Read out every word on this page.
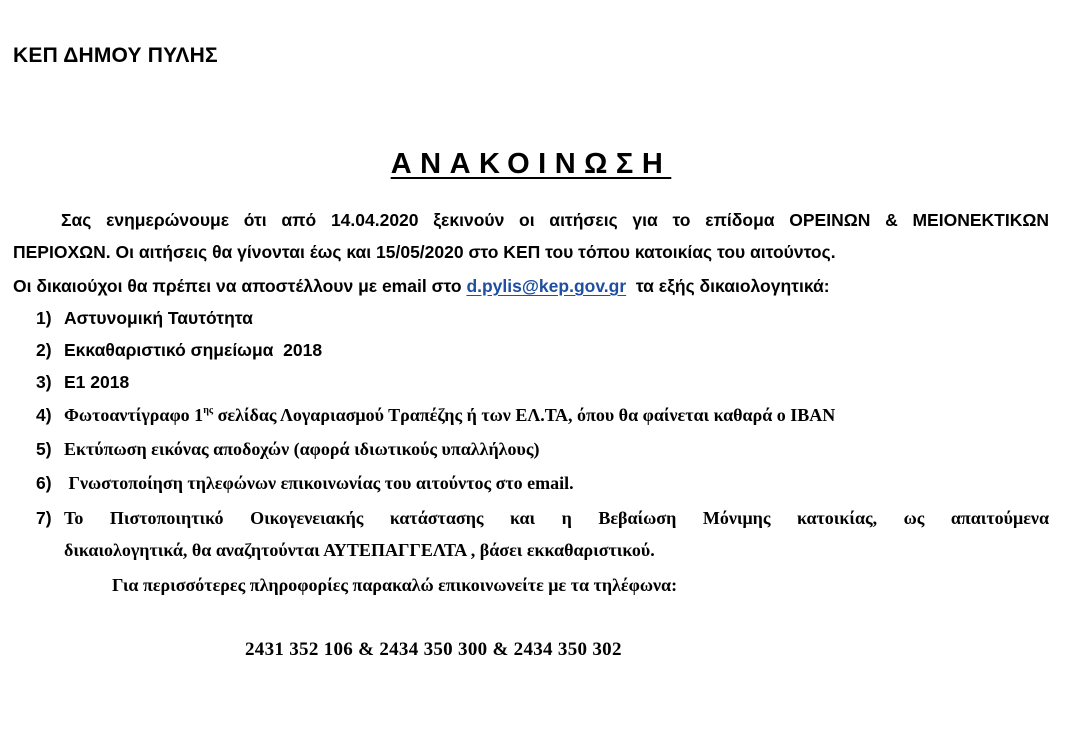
ΚΕΠ ΔΗΜΟΥ ΠΥΛΗΣ
ΑΝΑΚΟΙΝΩΣΗ
Σας ενημερώνουμε ότι από 14.04.2020 ξεκινούν οι αιτήσεις για το επίδομα ΟΡΕΙΝΩΝ & ΜΕΙΟΝΕΚΤΙΚΩΝ
ΠΕΡΙΟΧΩΝ. Οι αιτήσεις θα γίνονται έως και 15/05/2020 στο ΚΕΠ του τόπου κατοικίας του αιτούντος.
Οι δικαιούχοι θα πρέπει να αποστέλλουν με email στο d.pylis@kep.gov.gr τα εξής δικαιολογητικά:
1) Αστυνομική Ταυτότητα
2) Εκκαθαριστικό σημείωμα  2018
3) Ε1 2018
4) Φωτοαντίγραφο $1^{\eta\varsigma}$ σελίδας Λογαριασμού Τραπέζης ή των ΕΛ.ΤΑ, όπου θα φαίνεται καθαρά ο IBAN
5) Εκτύπωση εικόνας αποδοχών (αφορά ιδιωτικούς υπαλλήλους)
6) Γνωστοποίηση τηλεφώνων επικοινωνίας του αιτούντος στο email.
7) Το Πιστοποιητικό Οικογενειακής κατάστασης και η Βεβαίωση Μόνιμης κατοικίας, ως απαιτούμενα
δικαιολογητικά, θα αναζητούνται ΑΥΤΕΠΑΓΓΕΛΤΑ , βάσει εκκαθαριστικού.
Για περισσότερες πληροφορίες παρακαλώ επικοινωνείτε με τα τηλέφωνα:
2431 352 106 & 2434 350 300 & 2434 350 302
